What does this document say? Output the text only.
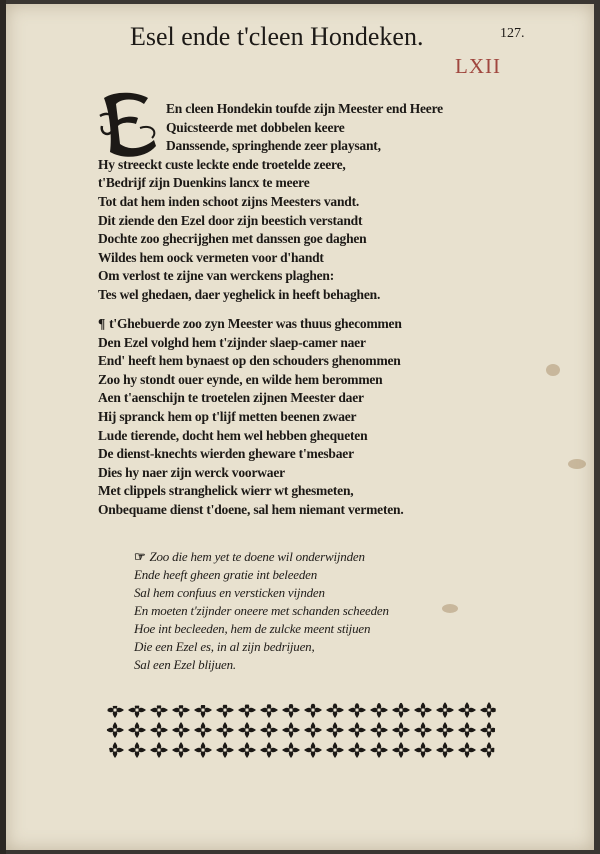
Esel ende t'cleen Hondeken.	127.
LXII
En cleen Hondekin toufde zijn Meester end Heere
Quicsteerde met dobbelen keere
Danssende, springhende zeer playsant,
Hy streeckt custe leckte ende troetelde zeere,
t'Bedrijf zijn Duenkins lancx te meere
Tot dat hem inden schoot zijns Meesters vandt.
Dit ziende den Ezel door zijn beestich verstandt
Dochte zoo ghecrijghen met danssen goe daghen
Wildes hem oock vermeten voor d'handt
Om verlost te zijne van werckens plaghen:
Tes wel ghedaen, daer yeghelick in heeft behaghen.
¶ t'Ghebuerde zoo zyn Meester was thuus ghecommen
Den Ezel volghd hem t'zijnder slaep-camer naer
End' heeft hem bynaest op den schouders ghenommen
Zoo hy stondt ouer eynde, en wilde hem berommen
Aen t'aenschijn te troetelen zijnen Meester daer
Hij spranck hem op t'lijf metten beenen zwaer
Lude tierende, docht hem wel hebben ghequeten
De dienst-knechts wierden gheware t'mesbaer
Dies hy naer zijn werck voorwaer
Met clippels stranghelick wierr wt ghesmeten,
Onbequame dienst t'doene, sal hem niemant vermeten.
☞ Zoo die hem yet te doene wil onderwijnden
Ende heeft gheen gratie int beleeden
Sal hem confuus en versticken vijnden
En moeten t'zijnder oneere met schanden scheeden
Hoe int becleeden, hem de zulcke meent stijuen
Die een Ezel es, in al zijn bedrijuen,
Sal een Ezel blijuen.
